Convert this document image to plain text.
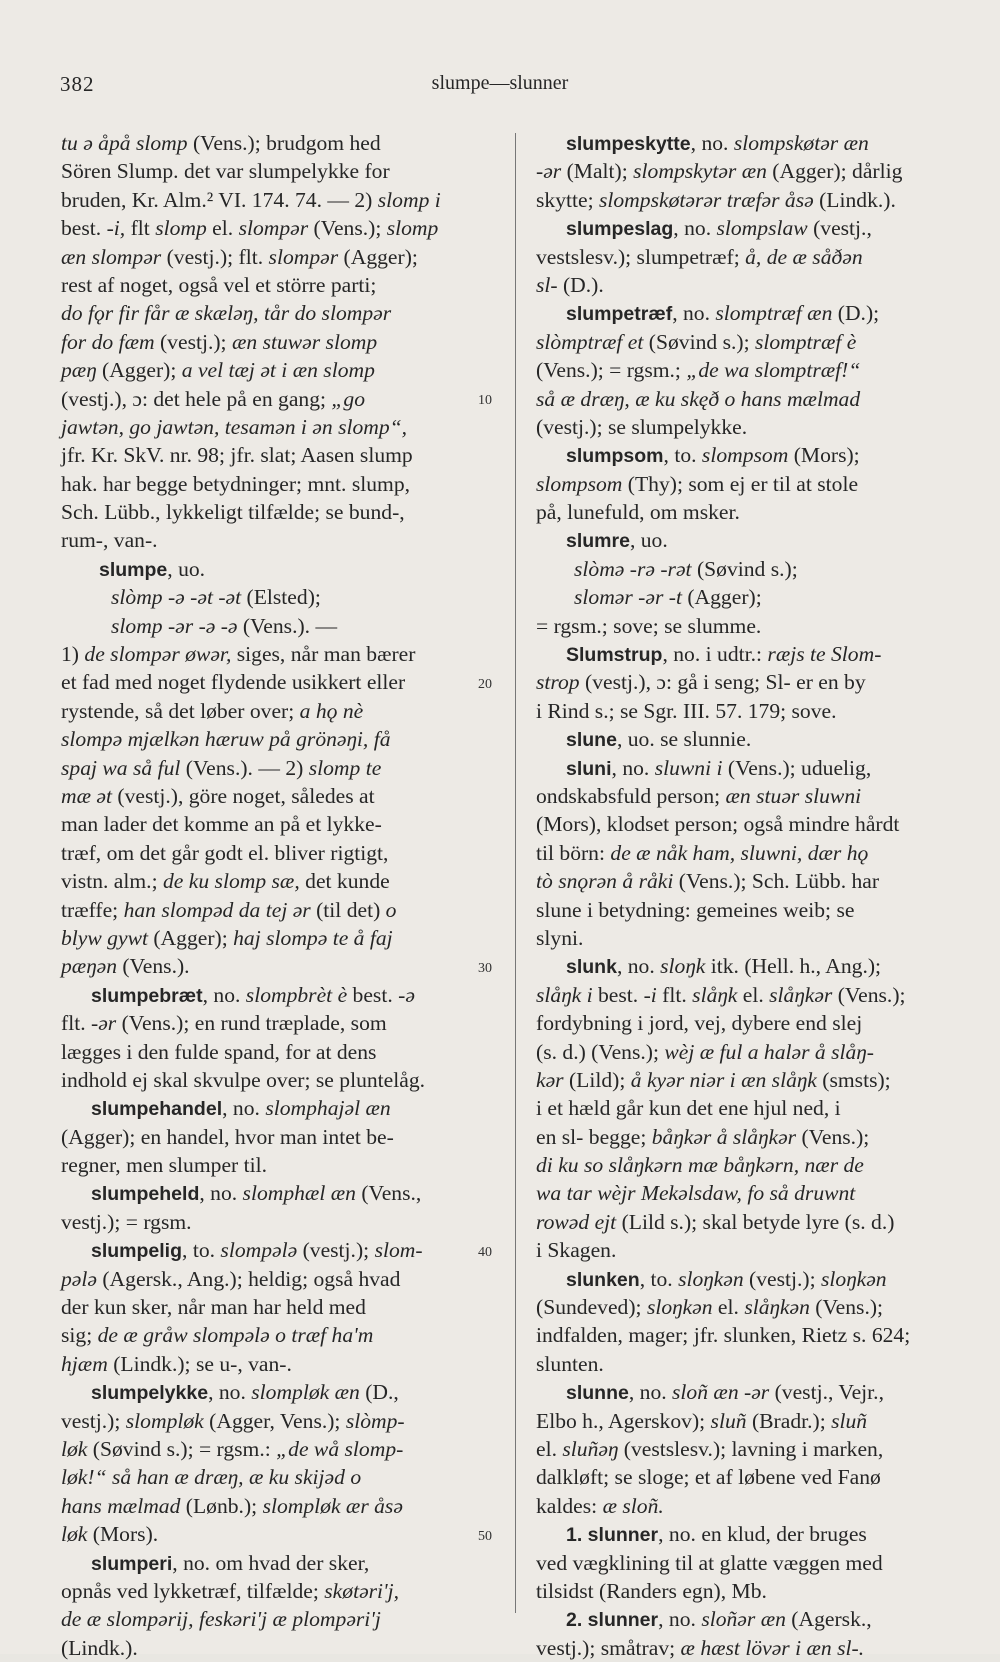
382	slumpe—slunner
tu ə åpå slomp (Vens.); brudgom hed
Sören Slump. det var slumpelykke for
bruden, Kr. Alm.² VI. 174. 74. — 2) slomp i
best. -i, flt slomp el. slompər (Vens.); slomp
æn slompər (vestj.); flt. slompər (Agger);
rest af noget, også vel et större parti;
do fǫr fir får æ skæləŋ, tår do slompər
for do fæm (vestj.); æn stuwər slomp
pæŋ (Agger); a vel tæj ət i æn slomp
(vestj.), ɔ: det hele på en gang; „go
jawtən, go jawtən, tesamən i ən slomp“,
jfr. Kr. SkV. nr. 98; jfr. slat; Aasen slump
hak. har begge betydninger; mnt. slump,
Sch. Lübb., lykkeligt tilfælde; se bund-,
rum-, van-.
slumpe, uo.
slòmp -ə -ət -ət (Elsted);
slomp -ər -ə -ə (Vens.). —
1) de slompər øwər, siges, når man bærer
et fad med noget flydende usikkert eller
rystende, så det løber over; a hǫ nè
slompə mjælkən hæruw på grönəŋi, få
spaj wa så ful (Vens.). — 2) slomp te
mæ ət (vestj.), göre noget, således at
man lader det komme an på et lykke-
træf, om det går godt el. bliver rigtigt,
vistn. alm.; de ku slomp sæ, det kunde
træffe; han slompəd da tej ər (til det) o
blyw gywt (Agger); haj slompə te å faj
pæŋən (Vens.).
slumpebræt, no. slompbrèt è best. -ə
flt. -ər (Vens.); en rund træplade, som
lægges i den fulde spand, for at dens
indhold ej skal skvulpe over; se pluntelåg.
slumpehandel, no. slomphajəl æn
(Agger); en handel, hvor man intet be-
regner, men slumper til.
slumpeheld, no. slomphæl æn (Vens.,
vestj.); = rgsm.
slumpelig, to. slompələ (vestj.); slom-
pələ (Agersk., Ang.); heldig; også hvad
der kun sker, når man har held med
sig; de æ gråw slompələ o træf ha'm
hjæm (Lindk.); se u-, van-.
slumpelykke, no. slompløk æn (D.,
vestj.); slompløk (Agger, Vens.); slòmp-
løk (Søvind s.); = rgsm.: „de wå slomp-
løk!“ så han æ dræŋ, æ ku skijəd o
hans mælmad (Lønb.); slompløk ær åsə
løk (Mors).
slumperi, no. om hvad der sker,
opnås ved lykketræf, tilfælde; skøtəri'j,
de æ slompərij, feskəri'j æ plompəri'j
(Lindk.).
slumpeskytte, no. slompskøtər æn
-ər (Malt); slompskytər æn (Agger); dårlig
skytte; slompskøtərər træfər åsə (Lindk.).
slumpeslag, no. slompslaw (vestj.,
vestslesv.); slumpetræf; å, de æ såðən
sl- (D.).
slumpetræf, no. slomptræf æn (D.);
slòmptræf et (Søvind s.); slomptræf è
(Vens.); = rgsm.; „de wa slomptræf!“
så æ dræŋ, æ ku skęð o hans mælmad
(vestj.); se slumpelykke.
slumpsom, to. slompsom (Mors);
slompsom (Thy); som ej er til at stole
på, lunefuld, om msker.
slumre, uo.
slòmə -rə -rət (Søvind s.);
slomər -ər -t (Agger);
= rgsm.; sove; se slumme.
Slumstrup, no. i udtr.: ræjs te Slom-
strop (vestj.), ɔ: gå i seng; Sl- er en by
i Rind s.; se Sgr. III. 57. 179; sove.
slune, uo. se slunnie.
sluni, no. sluwni i (Vens.); uduelig,
ondskabsfuld person; æn stuər sluwni
(Mors), klodset person; også mindre hårdt
til börn: de æ nåk ham, sluwni, dær hǫ
tò snǫrən å råki (Vens.); Sch. Lübb. har
slune i betydning: gemeines weib; se
slyni.
slunk, no. sloŋk itk. (Hell. h., Ang.);
slåŋk i best. -i flt. slåŋk el. slåŋkər (Vens.);
fordybning i jord, vej, dybere end slej
(s. d.) (Vens.); wèj æ ful a halər å slåŋ-
kər (Lild); å kyər niər i æn slåŋk (smsts);
i et hæld går kun det ene hjul ned, i
en sl- begge; båŋkər å slåŋkər (Vens.);
di ku so slåŋkərn mæ båŋkərn, nær de
wa tar wèjr Mekəlsdaw, fo så druwnt
rowəd ejt (Lild s.); skal betyde lyre (s. d.)
i Skagen.
slunken, to. sloŋkən (vestj.); sloŋkən
(Sundeved); sloŋkən el. slåŋkən (Vens.);
indfalden, mager; jfr. slunken, Rietz s. 624;
slunten.
slunne, no. sloñ æn -ər (vestj., Vejr.,
Elbo h., Agerskov); sluñ (Bradr.); sluñ
el. sluñəŋ (vestslesv.); lavning i marken,
dalkløft; se sloge; et af løbene ved Fanø
kaldes: æ sloñ.
1. slunner, no. en klud, der bruges
ved vægklining til at glatte væggen med
tilsidst (Randers egn), Mb.
2. slunner, no. sloñər æn (Agersk.,
vestj.); småtrav; æ hæst lövər i æn sl-.
10
20
30
40
50
